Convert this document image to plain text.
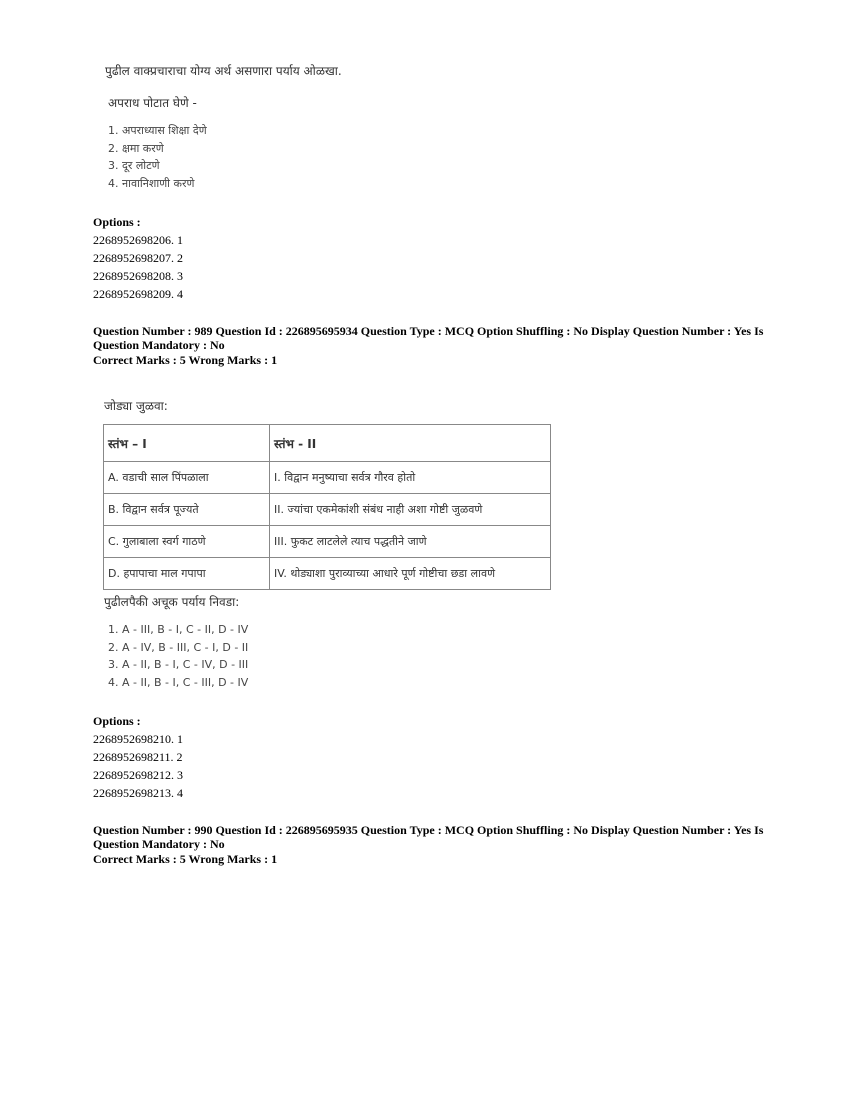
पुढील वाक्प्रचाराचा योग्य अर्थ असणारा पर्याय ओळखा.
अपराध पोटात घेणे -
1. अपराध्यास शिक्षा देणे
2. क्षमा करणे
3. दूर लोटणे
4. नावानिशाणी करणे
Options :
2268952698206. 1
2268952698207. 2
2268952698208. 3
2268952698209. 4
Question Number : 989 Question Id : 226895695934 Question Type : MCQ Option Shuffling : No Display Question Number : Yes Is Question Mandatory : No
Correct Marks : 5 Wrong Marks : 1
जोड्या जुळवा:
स्तंभ – I	स्तंभ - II
A. वडाची साल पिंपळाला	I. विद्वान मनुष्याचा सर्वत्र गौरव होतो
B. विद्वान सर्वत्र पूज्यते	II. ज्यांचा एकमेकांशी संबंध नाही अशा गोष्टी जुळवणे
C. गुलाबाला स्वर्ग गाठणे	III. फुकट लाटलेले त्याच पद्धतीने जाणे
D. हपापाचा माल गपापा	IV. थोड्याशा पुराव्याच्या आधारे पूर्ण गोष्टीचा छडा लावणे
पुढीलपैकी अचूक पर्याय निवडा:
1. A - III, B - I, C - II, D - IV
2. A - IV, B - III, C - I, D - II
3. A - II, B - I, C - IV, D - III
4. A - II, B - I, C - III, D - IV
Options :
2268952698210. 1
2268952698211. 2
2268952698212. 3
2268952698213. 4
Question Number : 990 Question Id : 226895695935 Question Type : MCQ Option Shuffling : No Display Question Number : Yes Is Question Mandatory : No
Correct Marks : 5 Wrong Marks : 1
